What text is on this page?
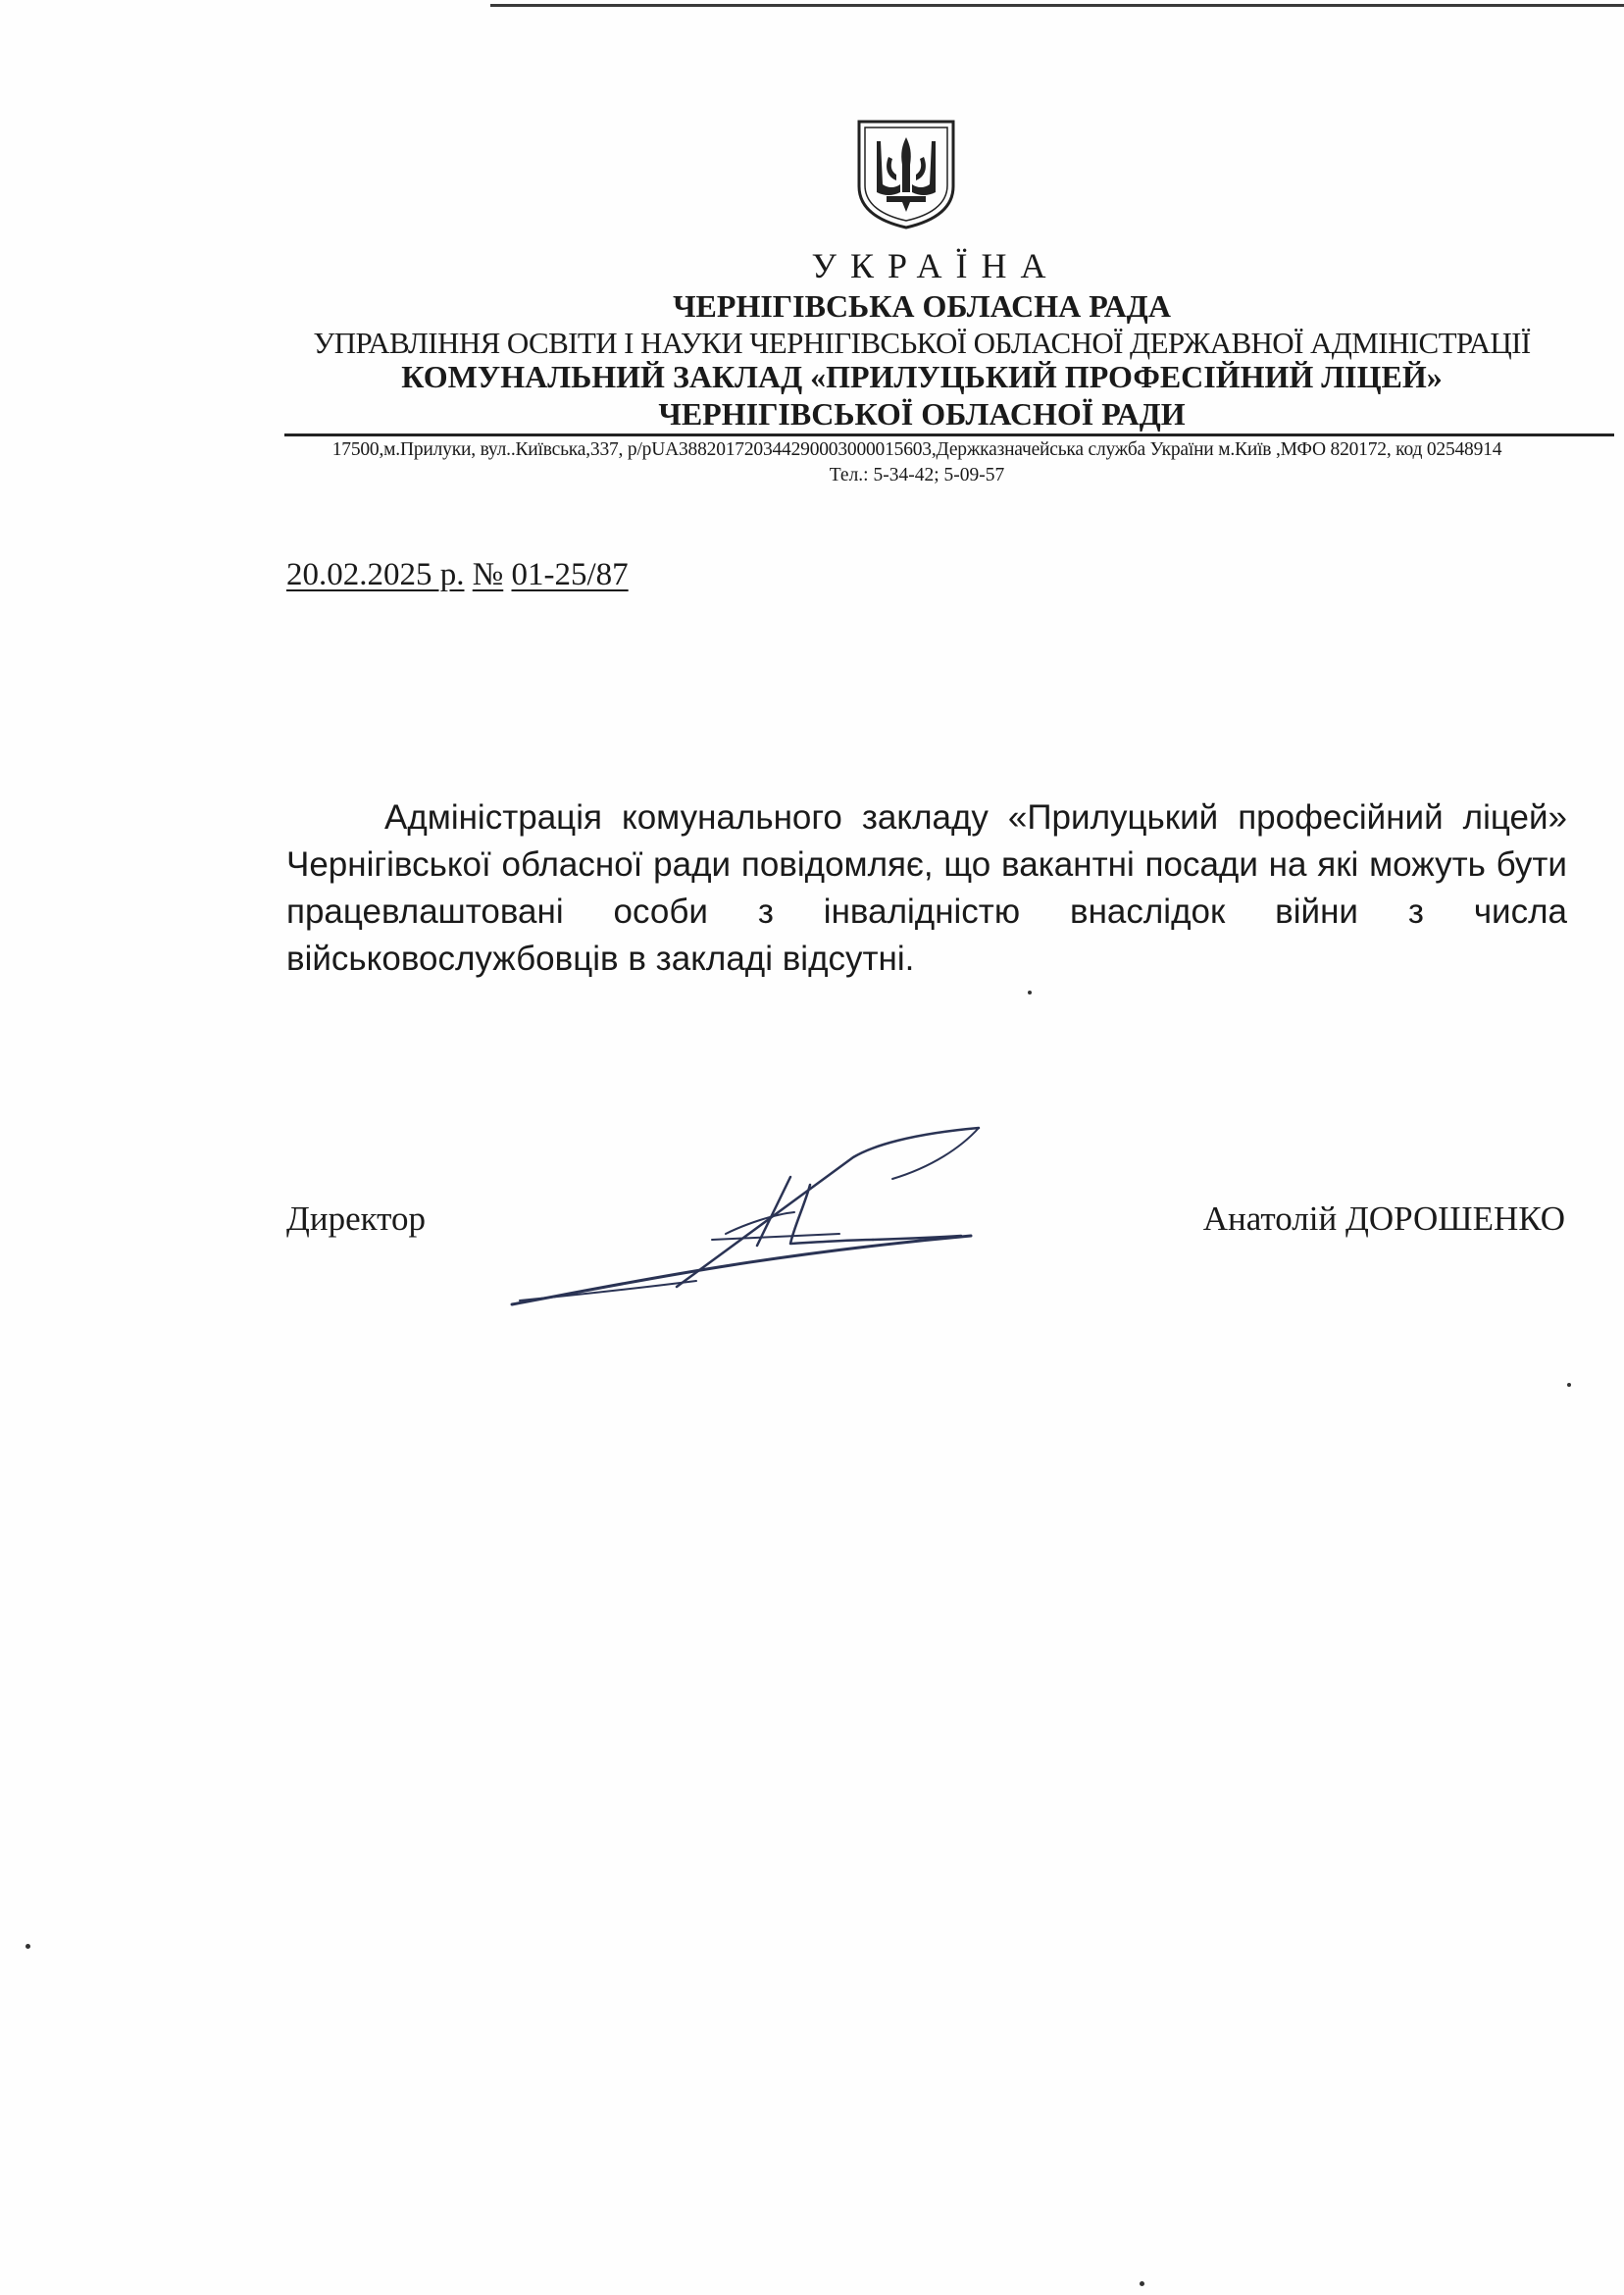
УКРАЇНА
ЧЕРНІГІВСЬКА ОБЛАСНА РАДА
УПРАВЛІННЯ ОСВІТИ І НАУКИ ЧЕРНІГІВСЬКОЇ ОБЛАСНОЇ ДЕРЖАВНОЇ АДМІНІСТРАЦІЇ
КОМУНАЛЬНИЙ ЗАКЛАД «ПРИЛУЦЬКИЙ ПРОФЕСІЙНИЙ ЛІЦЕЙ»
ЧЕРНІГІВСЬКОЇ ОБЛАСНОЇ РАДИ
17500,м.Прилуки, вул..Київська,337, р/рUA388201720344290003000015603,Держказначейська служба України м.Київ ,МФО 820172, код 02548914
Тел.: 5-34-42; 5-09-57
20.02.2025 р. № 01-25/87

Адміністрація комунального закладу «Прилуцький професійний ліцей» Чернігівської обласної ради повідомляє, що вакантні посади на які можуть бути працевлаштовані особи з інвалідністю внаслідок війни з числа військовослужбовців в закладі відсутні.

Директор	Анатолій ДОРОШЕНКО
